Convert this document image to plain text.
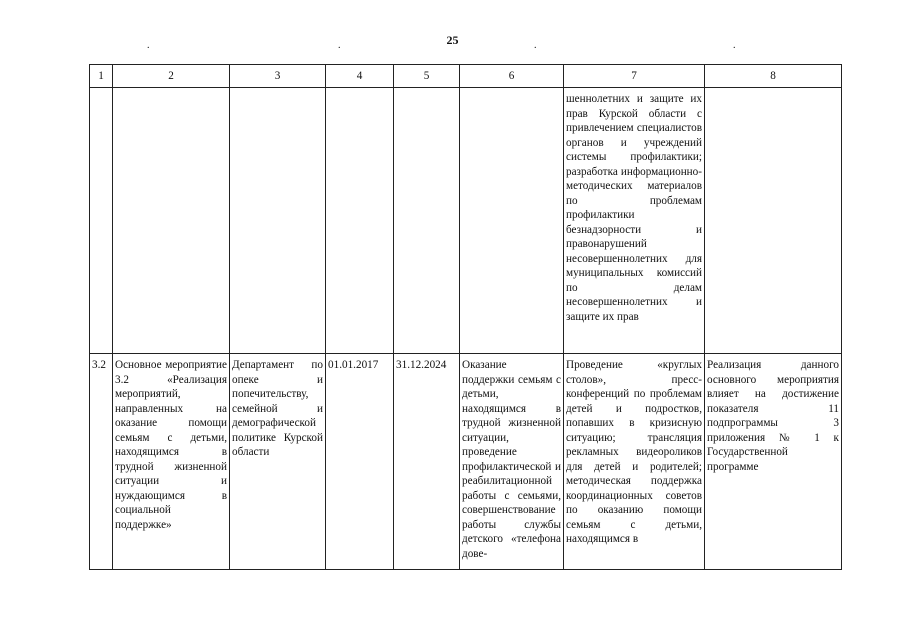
25
.	.	.	.
1	2	3	4	5	6	7	8
						шеннолетних и защите их прав Курской области с привлечением специалистов органов и учреждений системы профилактики; разработка информационно-методических материалов по проблемам профилактики безнадзорности и правонарушений несовершеннолетних для муниципальных комиссий по делам несовершеннолетних и защите их прав	
3.2	Основное мероприятие 3.2 «Реализация мероприятий, направленных на оказание помощи семьям с детьми, находящимся в трудной жизненной ситуации и нуждающимся в социальной поддержке»	Департамент по опеке и попечительству, семейной и демографической политике Курской области	01.01.2017	31.12.2024	Оказание поддержки семьям с детьми, находящимся в трудной жизненной ситуации, проведение профилактической и реабилитационной работы с семьями, совершенствование работы службы детского «телефона дове-	Проведение «круглых столов», пресс-конференций по проблемам детей и подростков, попавших в кризисную ситуацию; трансляция рекламных видеороликов для детей и родителей; методическая поддержка координационных советов по оказанию помощи семьям с детьми, находящимся в	Реализация данного основного мероприятия влияет на достижение показателя 11 подпрограммы 3 приложения № 1 к Государственной программе
